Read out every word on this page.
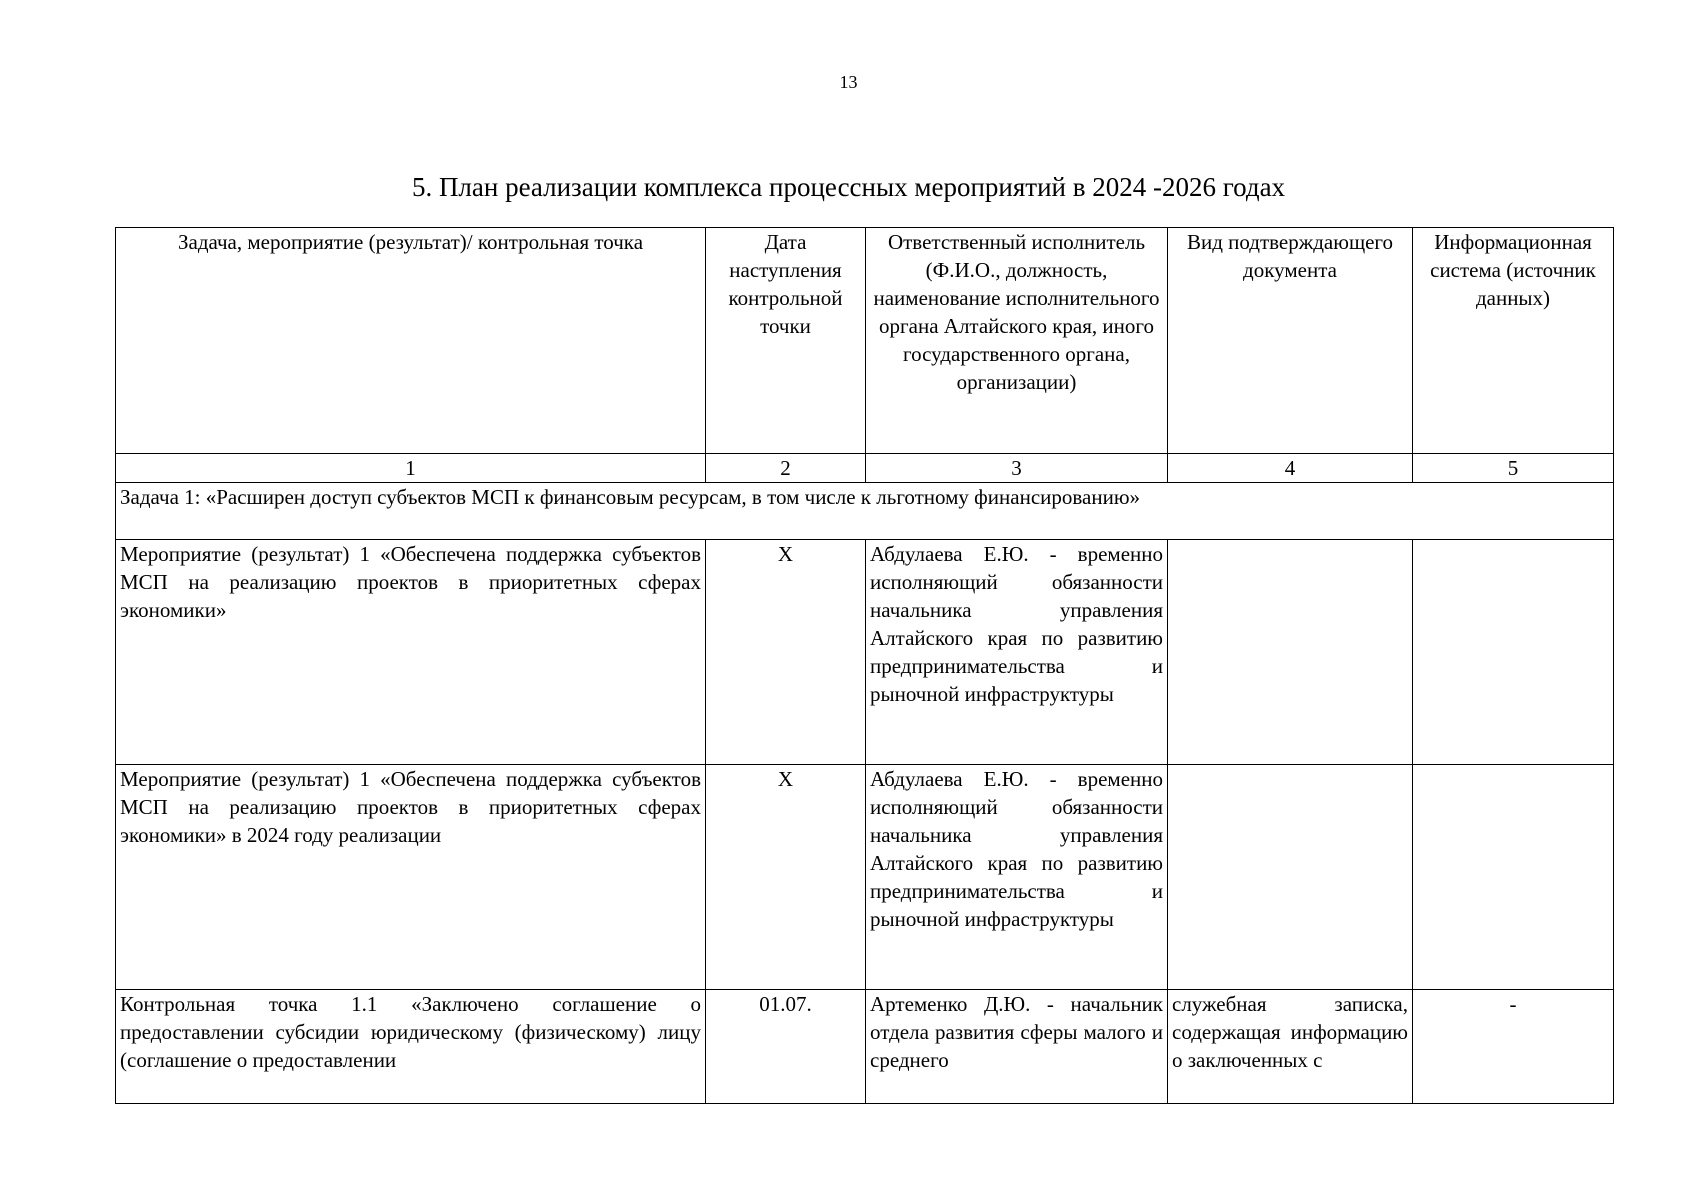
13
5. План реализации комплекса процессных мероприятий в 2024 -2026 годах
Задача, мероприятие (результат)/ контрольная точка	Дата наступления контрольной точки	Ответственный исполнитель (Ф.И.О., должность, наименование исполнительного органа Алтайского края, иного государственного органа, организации)	Вид подтверждающего документа	Информационная система (источник данных)
1	2	3	4	5
Задача 1: «Расширен доступ субъектов МСП к финансовым ресурсам, в том числе к льготному финансированию»				
Мероприятие (результат) 1 «Обеспечена поддержка субъектов МСП на реализацию проектов в приоритетных сферах экономики»	X	Абдулаева Е.Ю. - временно исполняющий обязанности начальника управления Алтайского края по развитию предпринимательства и рыночной инфраструктуры		
Мероприятие (результат) 1 «Обеспечена поддержка субъектов МСП на реализацию проектов в приоритетных сферах экономики» в 2024 году реализации	X	Абдулаева Е.Ю. - временно исполняющий обязанности начальника управления Алтайского края по развитию предпринимательства и рыночной инфраструктуры		

Контрольная точка 1.1 «Заключено соглашение о предоставлении субсидии юридическому (физическому) лицу (соглашение о предоставлении	01.07.	Артеменко Д.Ю. - начальник отдела развития сферы малого и среднего	служебная записка, содержащая информацию о заключенных с	-
